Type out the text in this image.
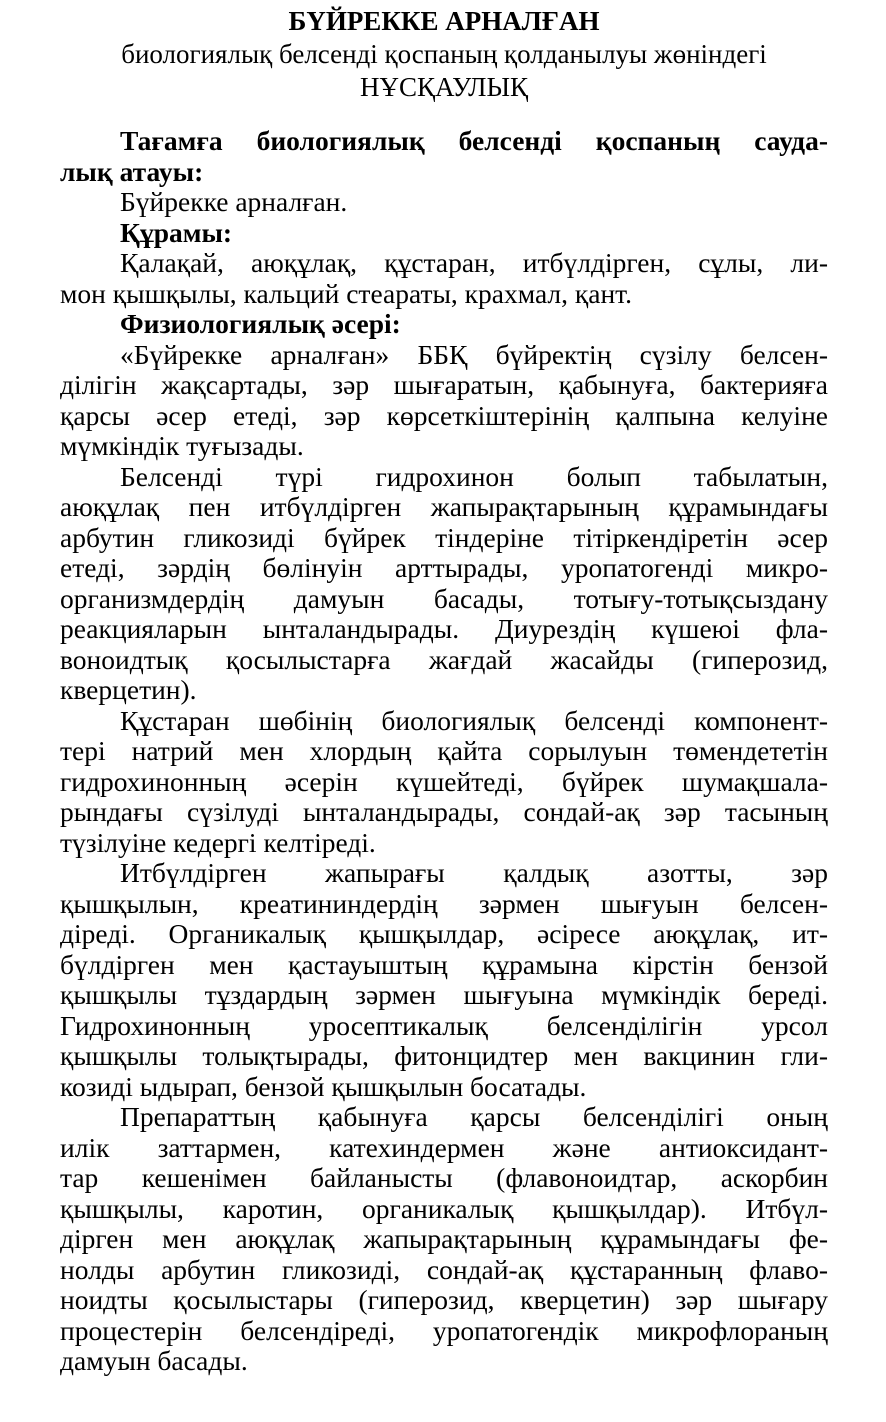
БҮЙРЕККЕ АРНАЛҒАН
биологиялық белсенді қоспаның қолданылуы жөніндегі
НҰСҚАУЛЫҚ
Тағамға биологиялық белсенді қоспаның сауда-
лық атауы:
Бүйрекке арналған.
Құрамы:
Қалақай, аюқұлақ, құстаран, итбүлдірген, сұлы, ли-
мон қышқылы, кальций стеараты, крахмал, қант.
Физиологиялық әсері:
«Бүйрекке арналған» ББҚ бүйректің сүзілу белсен-
ділігін жақсартады, зәр шығаратын, қабынуға, бактерияға
қарсы әсер етеді, зәр көрсеткіштерінің қалпына келуіне
мүмкіндік туғызады.
Белсенді түрі гидрохинон болып табылатын,
аюқұлақ пен итбүлдірген жапырақтарының құрамындағы
арбутин гликозиді бүйрек тіндеріне тітіркендіретін әсер
етеді, зәрдің бөлінуін арттырады, уропатогенді микро-
организмдердің дамуын басады, тотығу-тотықсыздану
реакцияларын ынталандырады. Диурездің күшеюі фла-
воноидтық қосылыстарға жағдай жасайды (гиперозид,
кверцетин).
Құстаран шөбінің биологиялық белсенді компонент-
тері натрий мен хлордың қайта сорылуын төмендететін
гидрохинонның әсерін күшейтеді, бүйрек шумақшала-
рындағы сүзілуді ынталандырады, сондай-ақ зәр тасының
түзілуіне кедергі келтіреді.
Итбүлдірген жапырағы қалдық азотты, зәр
қышқылын, креатининдердің зәрмен шығуын белсен-
діреді. Органикалық қышқылдар, әсіресе аюқұлақ, ит-
бүлдірген мен қастауыштың құрамына кірстін бензой
қышқылы тұздардың зәрмен шығуына мүмкіндік береді.
Гидрохинонның уросептикалық белсенділігін урсол
қышқылы толықтырады, фитонцидтер мен вакцинин гли-
козиді ыдырап, бензой қышқылын босатады.
Препараттың қабынуға қарсы белсенділігі оның
илік заттармен, катехиндермен және антиоксидант-
тар кешенімен байланысты (флавоноидтар, аскорбин
қышқылы, каротин, органикалық қышқылдар). Итбүл-
дірген мен аюқұлақ жапырақтарының құрамындағы фе-
нолды арбутин гликозиді, сондай-ақ құстаранның флаво-
ноидты қосылыстары (гиперозид, кверцетин) зәр шығару
процестерін белсендіреді, уропатогендік микрофлораның
дамуын басады.
